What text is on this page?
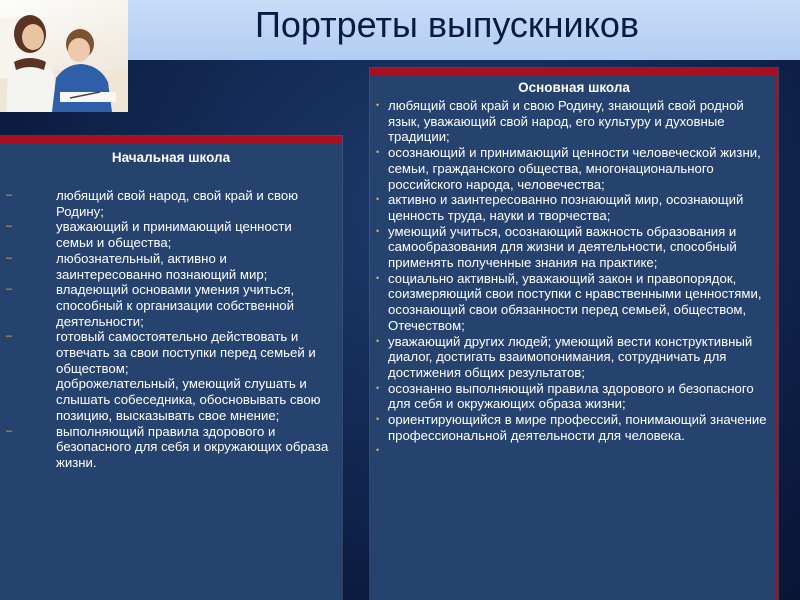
Портреты выпускников
Начальная школа
–	любящий свой народ, свой край и свою Родину;
–	уважающий и принимающий ценности семьи и общества;
–	любознательный, активно и заинтересованно познающий мир;
–	владеющий основами умения учиться, способный к организации собственной деятельности;
–	готовый самостоятельно действовать и отвечать за свои поступки перед семьей и обществом;
доброжелательный, умеющий слушать и слышать собеседника, обосновывать свою позицию, высказывать свое мнение;
–	выполняющий правила здорового и безопасного для себя и окружающих образа жизни.
Основная школа
• любящий свой край и свою Родину, знающий свой родной язык, уважающий свой народ, его культуру и духовные традиции;
• осознающий и принимающий ценности человеческой жизни, семьи, гражданского общества, многонационального российского народа, человечества;
• активно и заинтересованно познающий мир, осознающий ценность труда, науки и творчества;
• умеющий учиться, осознающий важность образования и самообразования для жизни и деятельности, способный применять полученные знания на практике;
• социально активный, уважающий закон и правопорядок, соизмеряющий свои поступки с нравственными ценностями, осознающий свои обязанности перед семьей, обществом, Отечеством;
• уважающий других людей; умеющий вести конструктивный диалог, достигать взаимопонимания, сотрудничать для достижения общих результатов;
• осознанно выполняющий правила здорового и безопасного для себя и окружающих образа жизни;
• ориентирующийся в мире профессий, понимающий значение профессиональной деятельности для человека.
•
